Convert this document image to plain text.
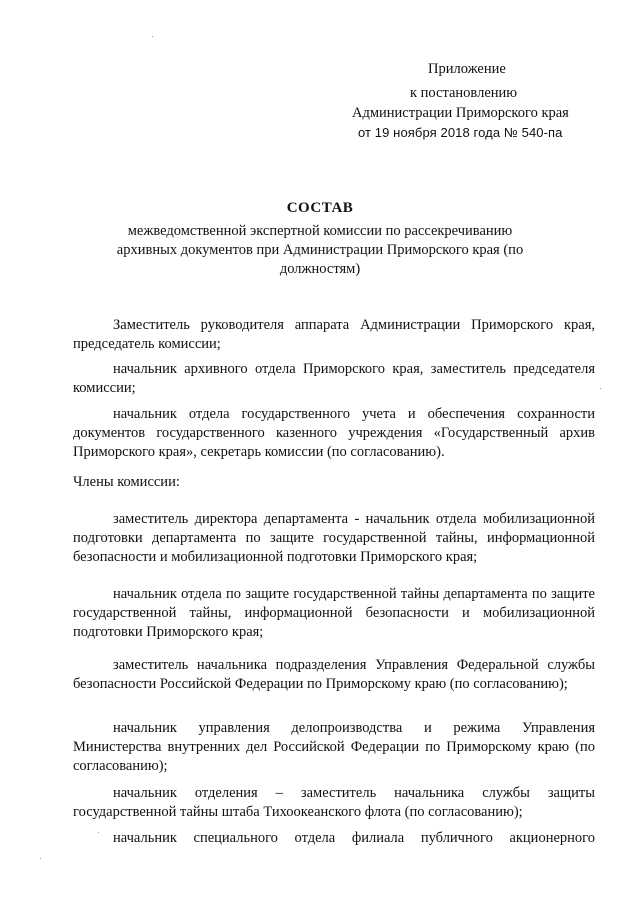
Приложение
к постановлению
Администрации Приморского края
от 19 ноября 2018 года № 540-па
СОСТАВ
межведомственной экспертной комиссии по рассекречиванию архивных документов при Администрации Приморского края (по должностям)
Заместитель руководителя аппарата Администрации Приморского края, председатель комиссии;
начальник архивного отдела Приморского края, заместитель председателя комиссии;
начальник отдела государственного учета и обеспечения сохранности документов государственного казенного учреждения «Государственный архив Приморского края», секретарь комиссии (по согласованию).
Члены комиссии:
заместитель директора департамента - начальник отдела мобилизационной подготовки департамента по защите государственной тайны, информационной безопасности и мобилизационной подготовки Приморского края;
начальник отдела по защите государственной тайны департамента по защите государственной тайны, информационной безопасности и мобилизационной подготовки Приморского края;
заместитель начальника подразделения Управления Федеральной службы безопасности Российской Федерации по Приморскому краю (по согласованию);
начальник управления делопроизводства и режима Управления Министерства внутренних дел Российской Федерации по Приморскому краю (по согласованию);
начальник отделения – заместитель начальника службы защиты государственной тайны штаба Тихоокеанского флота (по согласованию);
начальник специального отдела филиала публичного акционерного
